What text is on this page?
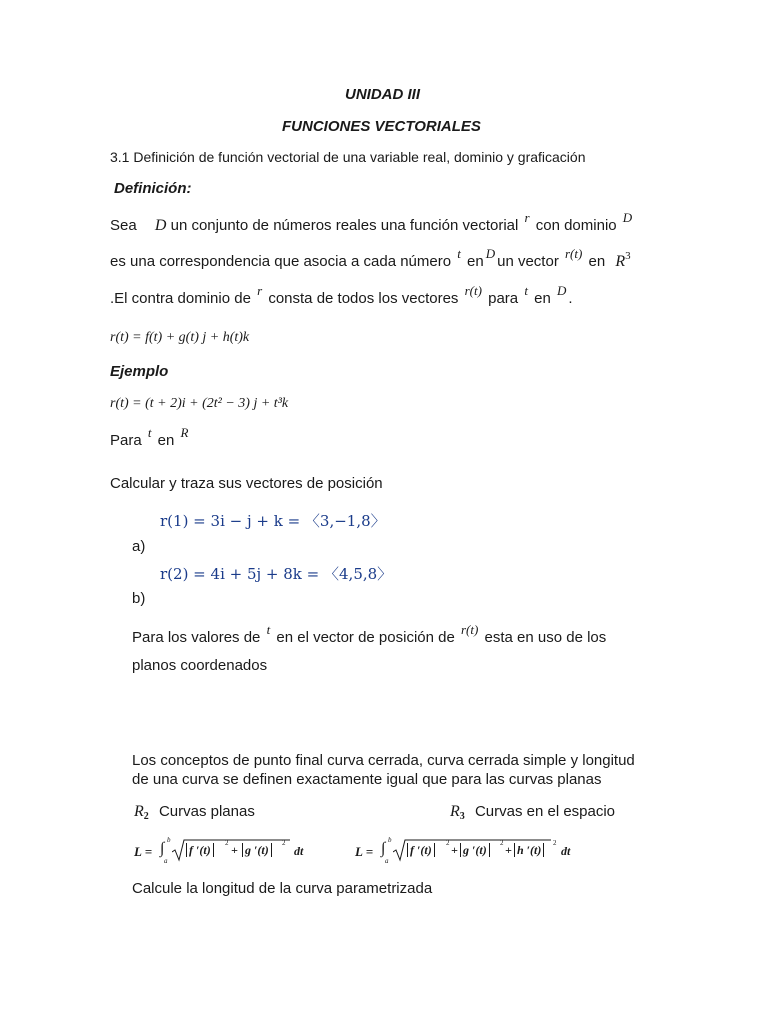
UNIDAD III
FUNCIONES VECTORIALES
3.1 Definición de función vectorial de una variable real, dominio y graficación
Definición:
Sea D un conjunto de números reales una función vectorial r con dominio D
es una correspondencia que asocia a cada número t en D un vector r(t) en $R^3$
.El contra dominio de r consta de todos los vectores r(t) para t en D .
r(t) = f(t) + g(t) j + h(t)k
Ejemplo
r(t) = (t + 2)i + (2t² − 3) j + t³k
Para t en R
Calcular y traza sus vectores de posición
r(1) = 3i − j + k = 〈3,−1,8〉
a)
r(2) = 4i + 5j + 8k = 〈4,5,8〉
b)
Para los valores de t en el vector de posición de r(t) esta en uso de los
planos coordenados
Los conceptos de punto final curva cerrada, curva cerrada simple y longitud
de una curva se definen exactamente igual que para las curvas planas
$R_2$ Curvas planas	$R_3$ Curvas en el espacio
L = ∫ b
a
f ′(t)	2 + g ′(t)	2
dt	L = ∫ b
a
f ′(t)	2 + g ′(t)	2 + h ′(t)	2
dt
Calcule la longitud de la curva parametrizada
